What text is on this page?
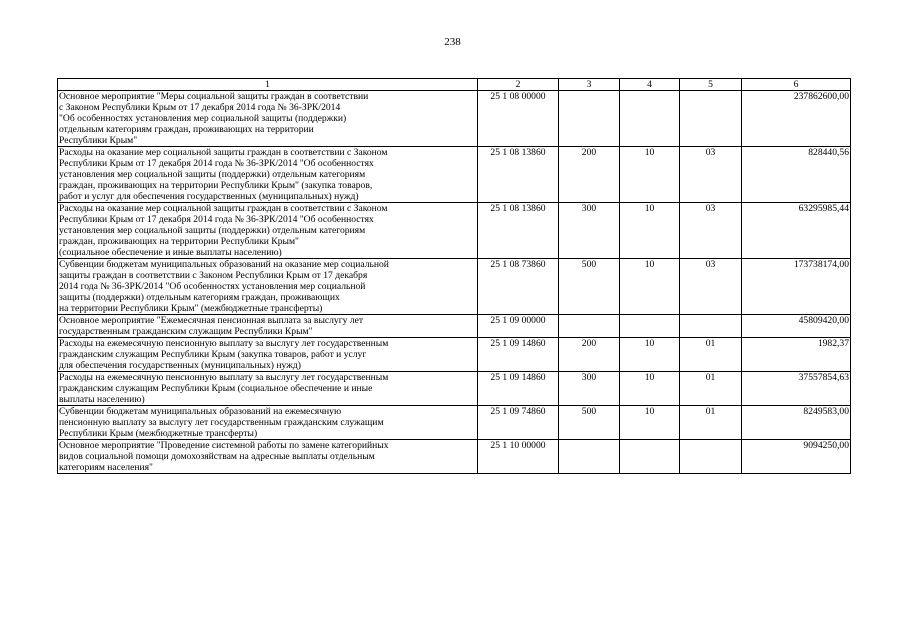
238
1	2	3	4	5	6

Основное мероприятие "Меры социальной защиты граждан в соответствии
с Законом Республики Крым от 17 декабря 2014 года № 36-ЗРК/2014
"Об особенностях установления мер социальной защиты (поддержки)
отдельным категориям граждан, проживающих на территории
Республики Крым"	25 1 08 00000				237862600,00

Расходы на оказание мер социальной защиты граждан в соответствии с Законом
Республики Крым от 17 декабря 2014 года № 36-ЗРК/2014 "Об особенностях
установления мер социальной защиты (поддержки) отдельным категориям
граждан, проживающих на территории Республики Крым" (закупка товаров,
работ и услуг для обеспечения государственных (муниципальных) нужд)	25 1 08 13860	200	10	03	828440,56

Расходы на оказание мер социальной защиты граждан в соответствии с Законом
Республики Крым от 17 декабря 2014 года № 36-ЗРК/2014 "Об особенностях
установления мер социальной защиты (поддержки) отдельным категориям
граждан, проживающих на территории Республики Крым"
(социальное обеспечение и иные выплаты населению)	25 1 08 13860	300	10	03	63295985,44

Субвенции бюджетам муниципальных образований на оказание мер социальной
защиты граждан в соответствии с Законом Республики Крым от 17 декабря
2014 года № 36-ЗРК/2014 "Об особенностях установления мер социальной
защиты (поддержки) отдельным категориям граждан, проживающих
на территории Республики Крым" (межбюджетные трансферты)	25 1 08 73860	500	10	03	173738174,00

Основное мероприятие "Ежемесячная пенсионная выплата за выслугу лет
государственным гражданским служащим Республики Крым"	25 1 09 00000				45809420,00

Расходы на ежемесячную пенсионную выплату за выслугу лет государственным
гражданским служащим Республики Крым (закупка товаров, работ и услуг
для обеспечения государственных (муниципальных) нужд)	25 1 09 14860	200	10	01	1982,37

Расходы на ежемесячную пенсионную выплату за выслугу лет государственным
гражданским служащим Республики Крым (социальное обеспечение и иные
выплаты населению)	25 1 09 14860	300	10	01	37557854,63

Субвенции бюджетам муниципальных образований на ежемесячную
пенсионную выплату за выслугу лет государственным гражданским служащим
Республики Крым (межбюджетные трансферты)	25 1 09 74860	500	10	01	8249583,00

Основное мероприятие "Проведение системной работы по замене категорийных
видов социальной помощи домохозяйствам на адресные выплаты отдельным
категориям населения"	25 1 10 00000				9094250,00
